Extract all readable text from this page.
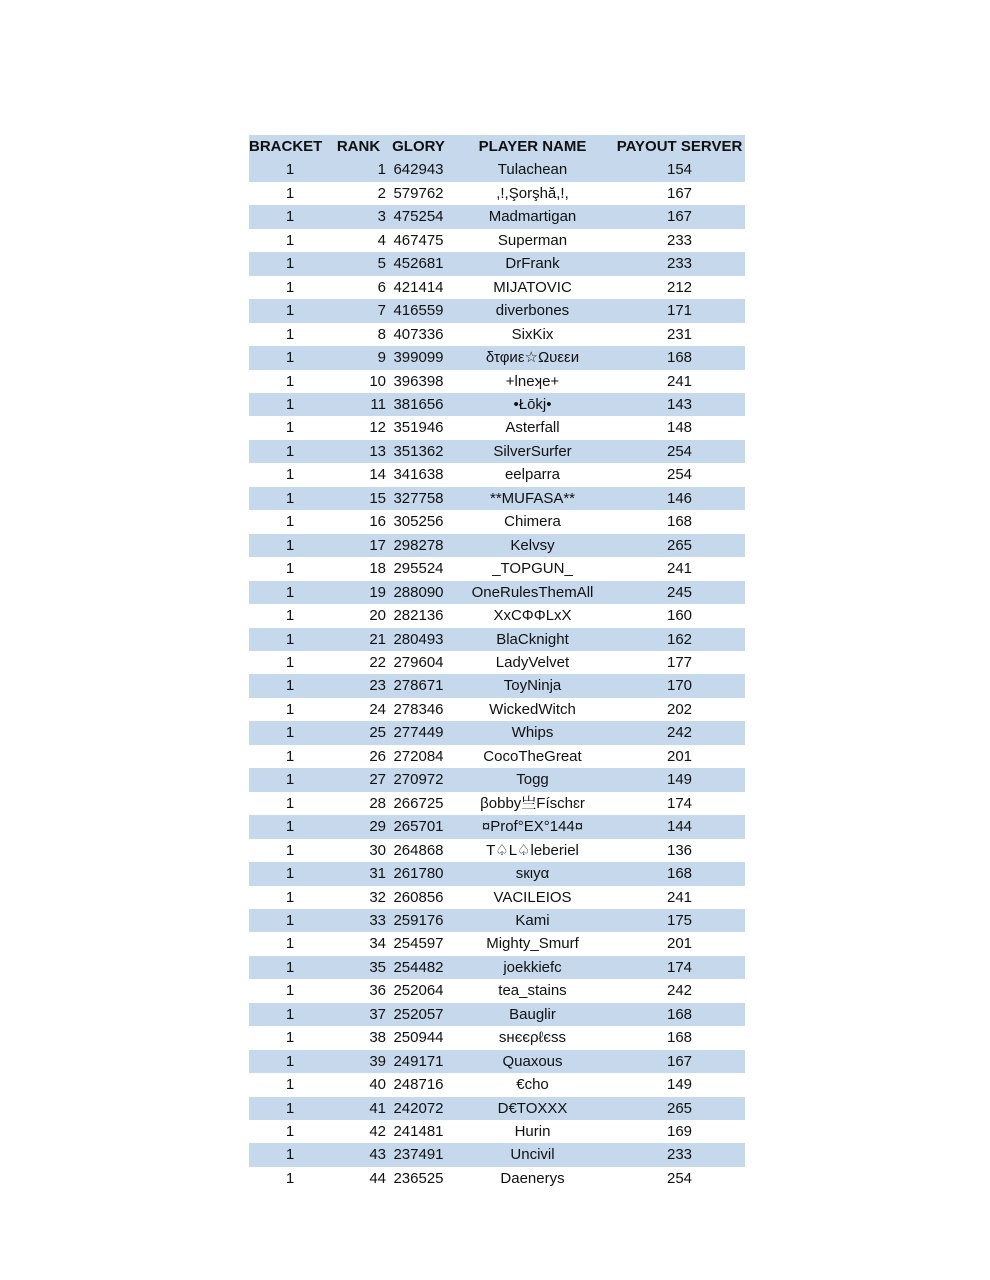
BRACKET	RANK	GLORY	PLAYER NAME	PAYOUT SERVER
1	1	642943	Tulachean	154
1	2	579762	,!,Şorşhă,!,	167
1	3	475254	Madmartigan	167
1	4	467475	Superman	233
1	5	452681	DrFrank	233
1	6	421414	MIJATOVIC	212
1	7	416559	diverbones	171
1	8	407336	SixKix	231
1	9	399099	δτφиε☆Ωυεεи	168
1	10	396398	+lneʞe+	241
1	11	381656	•Łōkj•	143
1	12	351946	Asterfall	148
1	13	351362	SilverSurfer	254
1	14	341638	eelparra	254
1	15	327758	**MUFASA**	146
1	16	305256	Chimera	168
1	17	298278	Kelvsy	265
1	18	295524	_TOPGUN_	241
1	19	288090	OneRulesThemAll	245
1	20	282136	XxCΦΦLxX	160
1	21	280493	BlaCknight	162
1	22	279604	LadyVelvet	177
1	23	278671	ToyNinja	170
1	24	278346	WickedWitch	202
1	25	277449	Whips	242
1	26	272084	CocoTheGreat	201
1	27	270972	Togg	149
1	28	266725	βobby亗Físchɛr	174
1	29	265701	¤Prof°EX°144¤	144
1	30	264868	T♤L♤leberiel	136
1	31	261780	sкιyα	168
1	32	260856	VACILEIOS	241
1	33	259176	Kami	175
1	34	254597	Mighty_Smurf	201
1	35	254482	joekkiefc	174
1	36	252064	tea_stains	242
1	37	252057	Bauglir	168
1	38	250944	ѕнєєρℓєss	168
1	39	249171	Quaxous	167
1	40	248716	€cho	149
1	41	242072	D€TOXXX	265
1	42	241481	Hurin	169
1	43	237491	Uncivil	233
1	44	236525	Daenerys	254
